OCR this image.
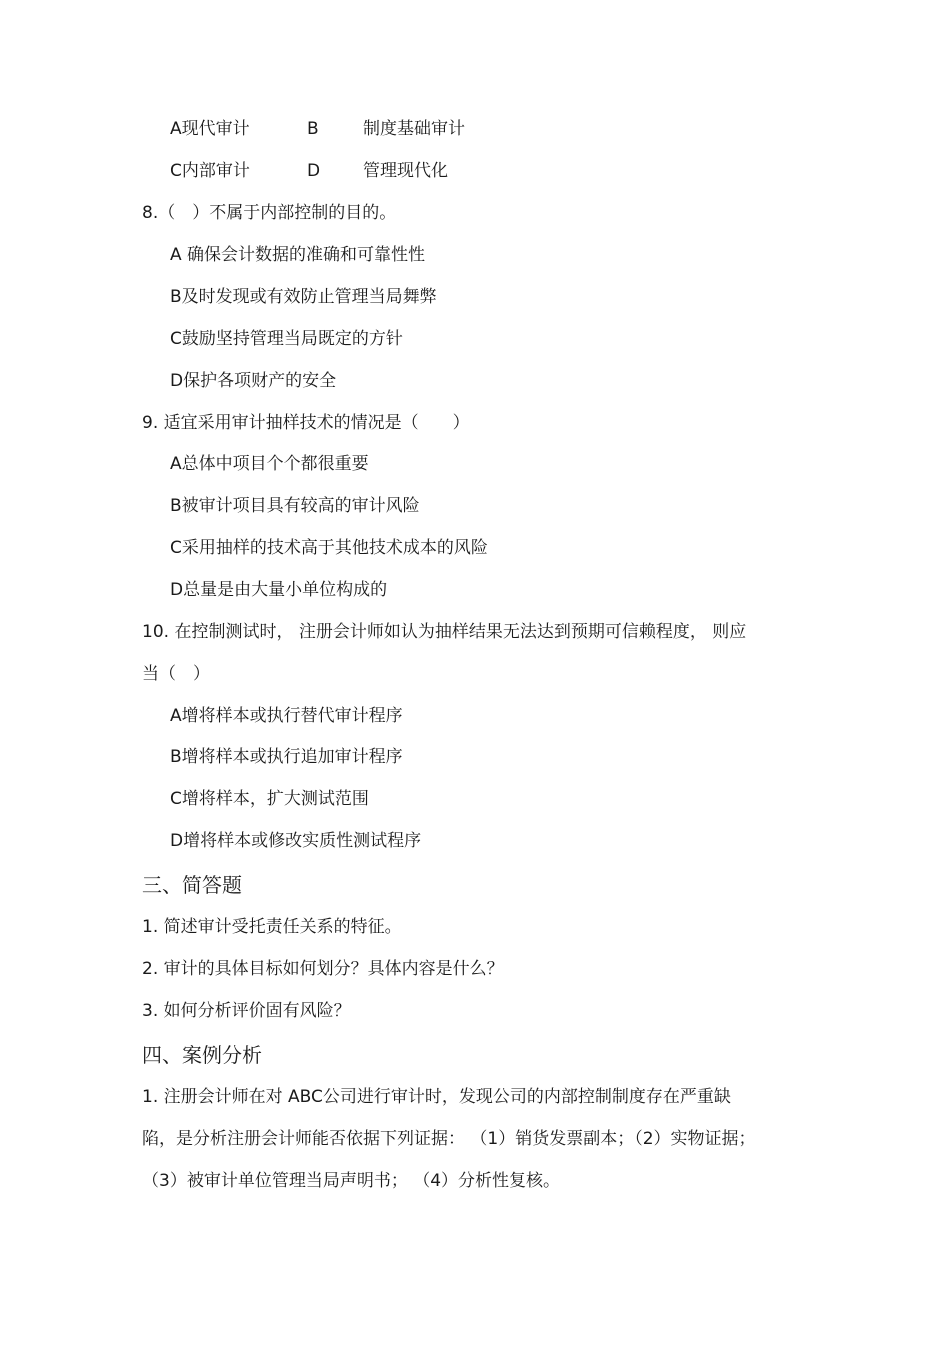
A现代审计	B	制度基础审计
C内部审计	D	管理现代化
8.（　）不属于内部控制的目的。
A 确保会计数据的准确和可靠性性
B及时发现或有效防止管理当局舞弊
C鼓励坚持管理当局既定的方针
D保护各项财产的安全
9. 适宜采用审计抽样技术的情况是（　　）
A总体中项目个个都很重要
B被审计项目具有较高的审计风险
C采用抽样的技术高于其他技术成本的风险
D总量是由大量小单位构成的
10. 在控制测试时， 注册会计师如认为抽样结果无法达到预期可信赖程度， 则应
当（　）
A增将样本或执行替代审计程序
B增将样本或执行追加审计程序
C增将样本，扩大测试范围
D增将样本或修改实质性测试程序
三、简答题
1. 简述审计受托责任关系的特征。
2. 审计的具体目标如何划分？具体内容是什么？
3. 如何分析评价固有风险？
四、案例分析
1. 注册会计师在对 ABC公司进行审计时，发现公司的内部控制制度存在严重缺
陷，是分析注册会计师能否依据下列证据： （1）销货发票副本；（2）实物证据；
（3）被审计单位管理当局声明书； （4）分析性复核。
